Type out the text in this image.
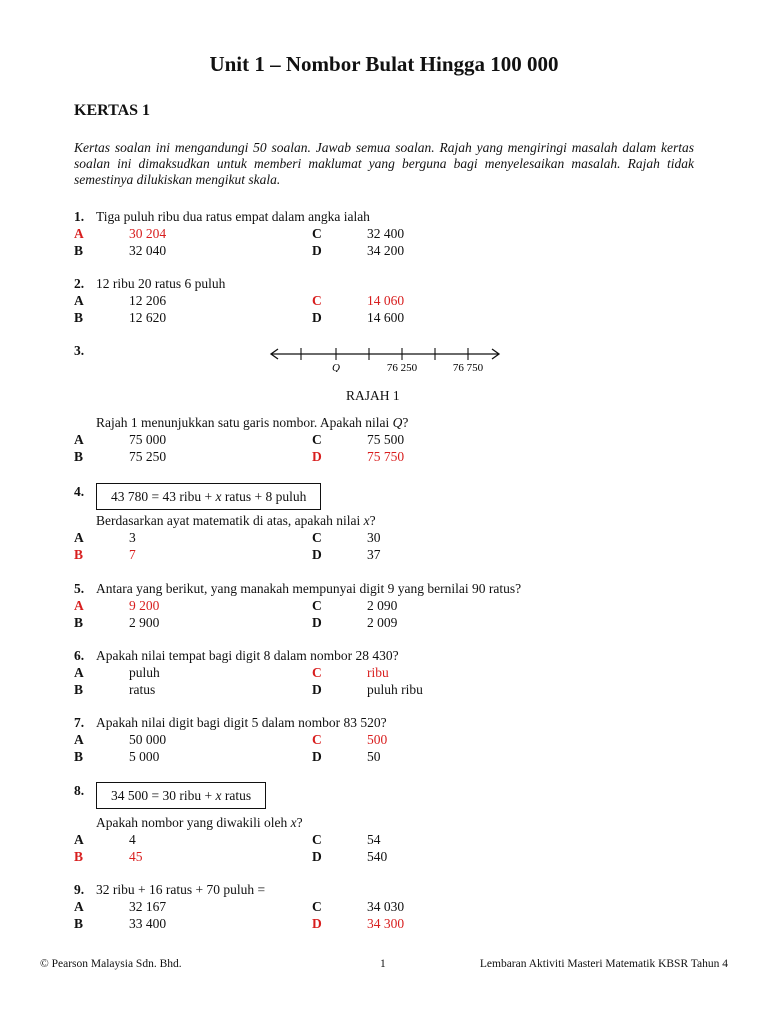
Unit 1 – Nombor Bulat Hingga 100 000
KERTAS 1
Kertas soalan ini mengandungi 50 soalan. Jawab semua soalan. Rajah yang mengiringi masalah dalam kertas soalan ini dimaksudkan untuk memberi maklumat yang berguna bagi menyelesaikan masalah. Rajah tidak semestinya dilukiskan mengikut skala.
1. Tiga puluh ribu dua ratus empat dalam angka ialah
A	30 204
B	32 040
C	32 400
D	34 200
2. 12 ribu 20 ratus 6 puluh
A	12 206
B	12 620
C	14 060
D	14 600
3.
Q	76 250	76 750
RAJAH 1
Rajah 1 menunjukkan satu garis nombor. Apakah nilai Q?
A	75 000
B	75 250
C	75 500
D	75 750
4.	43 780 = 43 ribu + x ratus + 8 puluh
Berdasarkan ayat matematik di atas, apakah nilai x?
A	3
B	7
C	30
D	37
5. Antara yang berikut, yang manakah mempunyai digit 9 yang bernilai 90 ratus?
A	9 200
B	2 900
C	2 090
D	2 009
6. Apakah nilai tempat bagi digit 8 dalam nombor 28 430?
A	puluh
B	ratus
C	ribu
D	puluh ribu
7. Apakah nilai digit bagi digit 5 dalam nombor 83 520?
A	50 000
B	5 000
C	500
D	50
8.	34 500 = 30 ribu + x ratus
Apakah nombor yang diwakili oleh x?
A	4
B	45
C	54
D	540
9. 32 ribu + 16 ratus + 70 puluh =
A	32 167
B	33 400
C	34 030
D	34 300
© Pearson Malaysia Sdn. Bhd.	1	Lembaran Aktiviti Masteri Matematik KBSR Tahun 4
